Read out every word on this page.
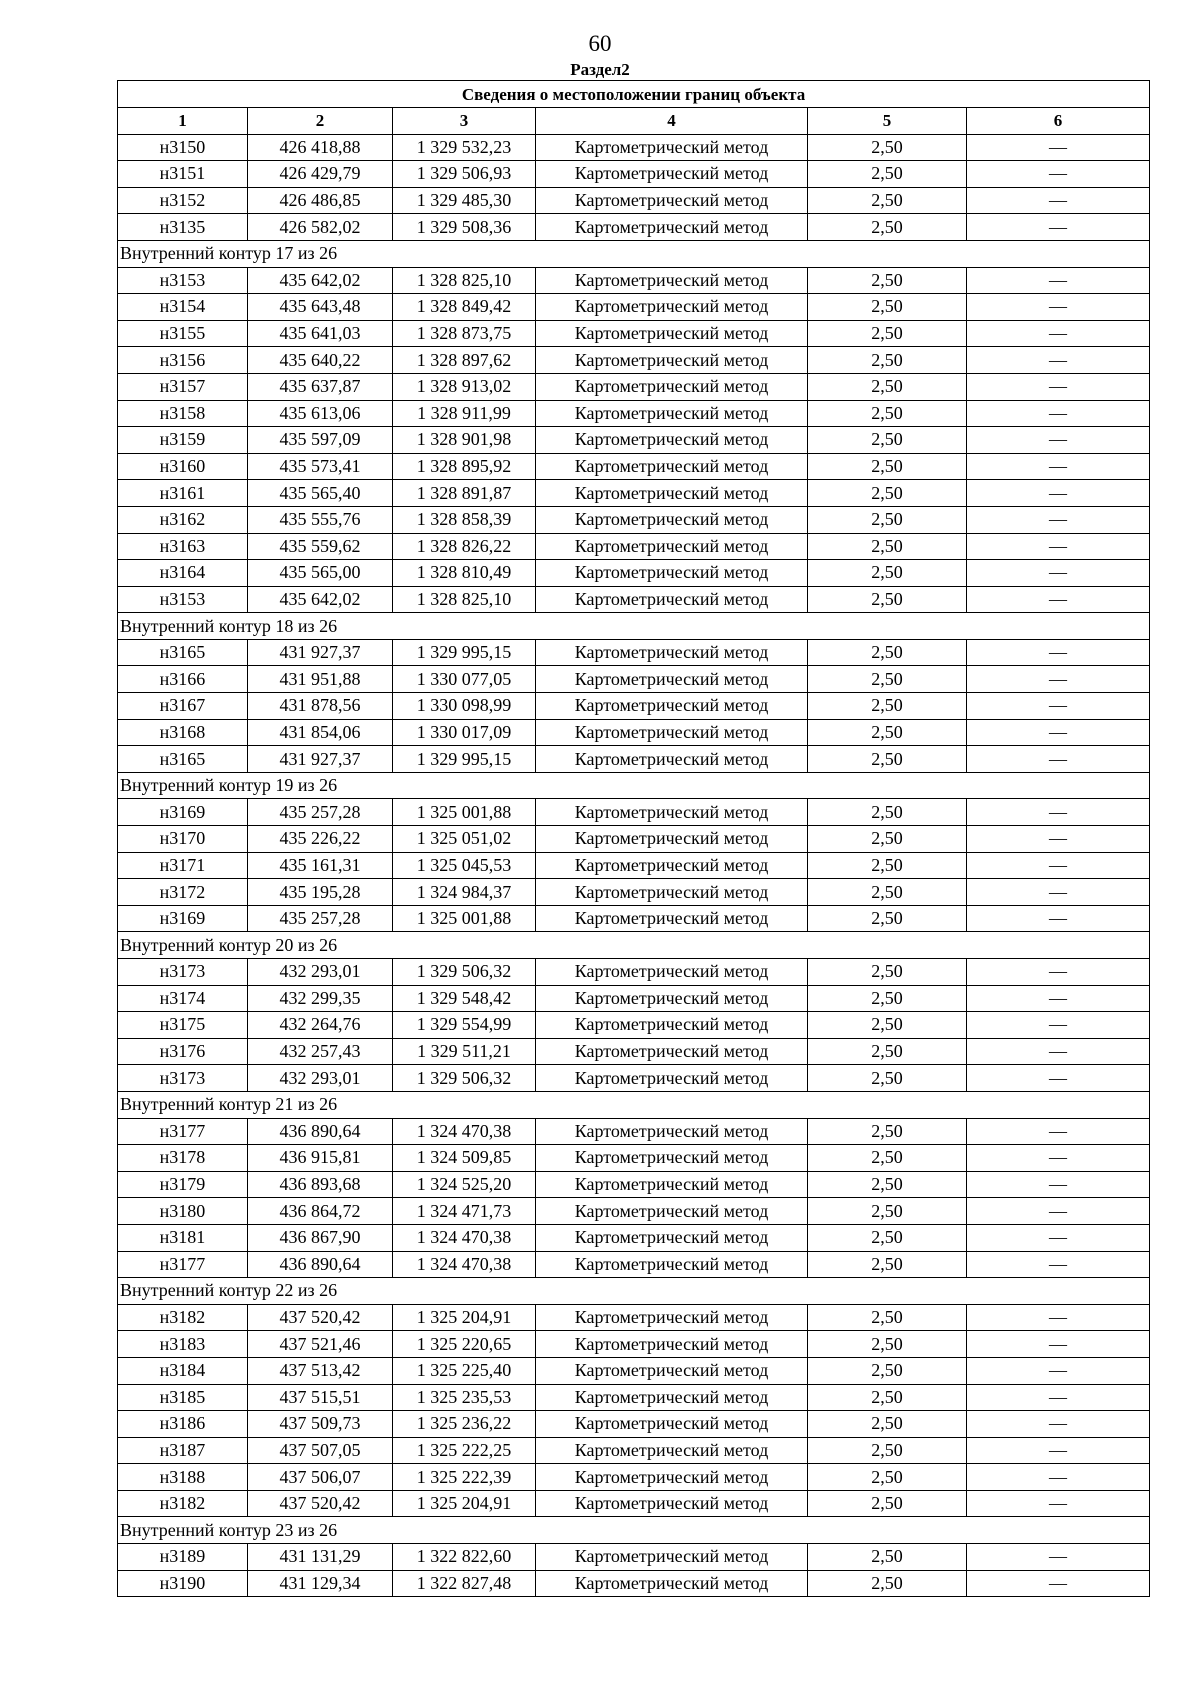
60
Раздел2
Сведения о местоположении границ объекта					
1	2	3	4	5	6
н3150	426 418,88	1 329 532,23	Картометрический метод	2,50	—
н3151	426 429,79	1 329 506,93	Картометрический метод	2,50	—
н3152	426 486,85	1 329 485,30	Картометрический метод	2,50	—
н3135	426 582,02	1 329 508,36	Картометрический метод	2,50	—
Внутренний контур 17 из 26					
н3153	435 642,02	1 328 825,10	Картометрический метод	2,50	—
н3154	435 643,48	1 328 849,42	Картометрический метод	2,50	—
н3155	435 641,03	1 328 873,75	Картометрический метод	2,50	—
н3156	435 640,22	1 328 897,62	Картометрический метод	2,50	—
н3157	435 637,87	1 328 913,02	Картометрический метод	2,50	—
н3158	435 613,06	1 328 911,99	Картометрический метод	2,50	—
н3159	435 597,09	1 328 901,98	Картометрический метод	2,50	—
н3160	435 573,41	1 328 895,92	Картометрический метод	2,50	—
н3161	435 565,40	1 328 891,87	Картометрический метод	2,50	—
н3162	435 555,76	1 328 858,39	Картометрический метод	2,50	—
н3163	435 559,62	1 328 826,22	Картометрический метод	2,50	—
н3164	435 565,00	1 328 810,49	Картометрический метод	2,50	—
н3153	435 642,02	1 328 825,10	Картометрический метод	2,50	—
Внутренний контур 18 из 26					
н3165	431 927,37	1 329 995,15	Картометрический метод	2,50	—
н3166	431 951,88	1 330 077,05	Картометрический метод	2,50	—
н3167	431 878,56	1 330 098,99	Картометрический метод	2,50	—
н3168	431 854,06	1 330 017,09	Картометрический метод	2,50	—
н3165	431 927,37	1 329 995,15	Картометрический метод	2,50	—
Внутренний контур 19 из 26					
н3169	435 257,28	1 325 001,88	Картометрический метод	2,50	—
н3170	435 226,22	1 325 051,02	Картометрический метод	2,50	—
н3171	435 161,31	1 325 045,53	Картометрический метод	2,50	—
н3172	435 195,28	1 324 984,37	Картометрический метод	2,50	—
н3169	435 257,28	1 325 001,88	Картометрический метод	2,50	—
Внутренний контур 20 из 26					
н3173	432 293,01	1 329 506,32	Картометрический метод	2,50	—
н3174	432 299,35	1 329 548,42	Картометрический метод	2,50	—
н3175	432 264,76	1 329 554,99	Картометрический метод	2,50	—
н3176	432 257,43	1 329 511,21	Картометрический метод	2,50	—
н3173	432 293,01	1 329 506,32	Картометрический метод	2,50	—
Внутренний контур 21 из 26					
н3177	436 890,64	1 324 470,38	Картометрический метод	2,50	—
н3178	436 915,81	1 324 509,85	Картометрический метод	2,50	—
н3179	436 893,68	1 324 525,20	Картометрический метод	2,50	—
н3180	436 864,72	1 324 471,73	Картометрический метод	2,50	—
н3181	436 867,90	1 324 470,38	Картометрический метод	2,50	—
н3177	436 890,64	1 324 470,38	Картометрический метод	2,50	—
Внутренний контур 22 из 26					
н3182	437 520,42	1 325 204,91	Картометрический метод	2,50	—
н3183	437 521,46	1 325 220,65	Картометрический метод	2,50	—
н3184	437 513,42	1 325 225,40	Картометрический метод	2,50	—
н3185	437 515,51	1 325 235,53	Картометрический метод	2,50	—
н3186	437 509,73	1 325 236,22	Картометрический метод	2,50	—
н3187	437 507,05	1 325 222,25	Картометрический метод	2,50	—
н3188	437 506,07	1 325 222,39	Картометрический метод	2,50	—
н3182	437 520,42	1 325 204,91	Картометрический метод	2,50	—
Внутренний контур 23 из 26					
н3189	431 131,29	1 322 822,60	Картометрический метод	2,50	—
н3190	431 129,34	1 322 827,48	Картометрический метод	2,50	—
